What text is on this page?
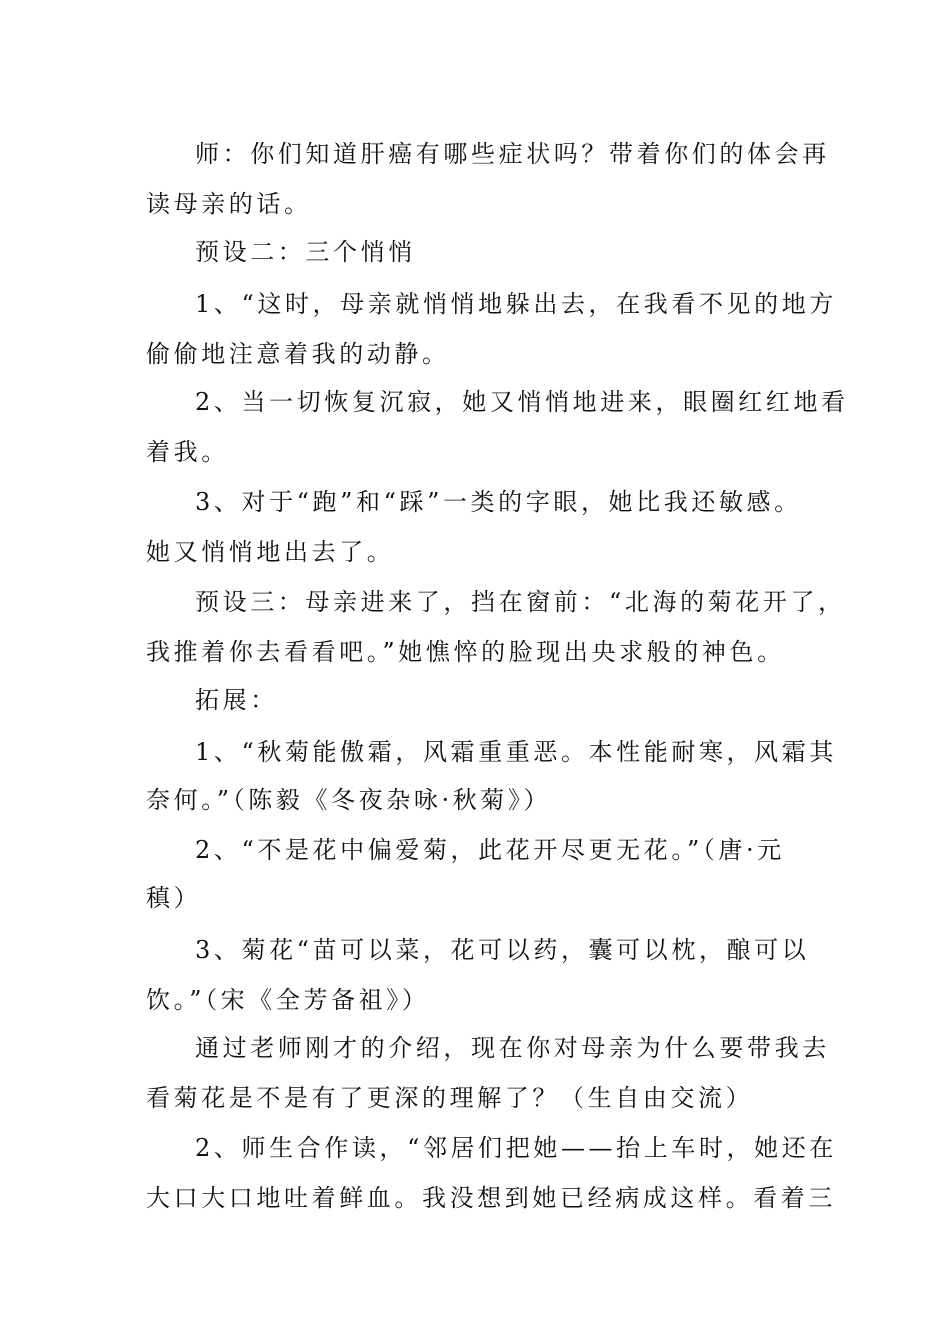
师：你们知道肝癌有哪些症状吗？带着你们的体会再
读母亲的话。
预设二：三个悄悄
1、“这时，母亲就悄悄地躲出去，在我看不见的地方
偷偷地注意着我的动静。
2、当一切恢复沉寂，她又悄悄地进来，眼圈红红地看
着我。
3、对于“跑”和“踩”一类的字眼，她比我还敏感。
她又悄悄地出去了。
预设三：母亲进来了，挡在窗前：“北海的菊花开了，
我推着你去看看吧。”她憔悴的脸现出央求般的神色。
拓展：
1、“秋菊能傲霜，风霜重重恶。本性能耐寒，风霜其
奈何。”（陈毅《冬夜杂咏·秋菊》）
2、“不是花中偏爱菊，此花开尽更无花。”（唐·元
稹）
3、菊花“苗可以菜，花可以药，囊可以枕，酿可以
饮。”（宋《全芳备祖》）
通过老师刚才的介绍，现在你对母亲为什么要带我去
看菊花是不是有了更深的理解了？（生自由交流）
2、师生合作读，“邻居们把她——抬上车时，她还在
大口大口地吐着鲜血。我没想到她已经病成这样。看着三
